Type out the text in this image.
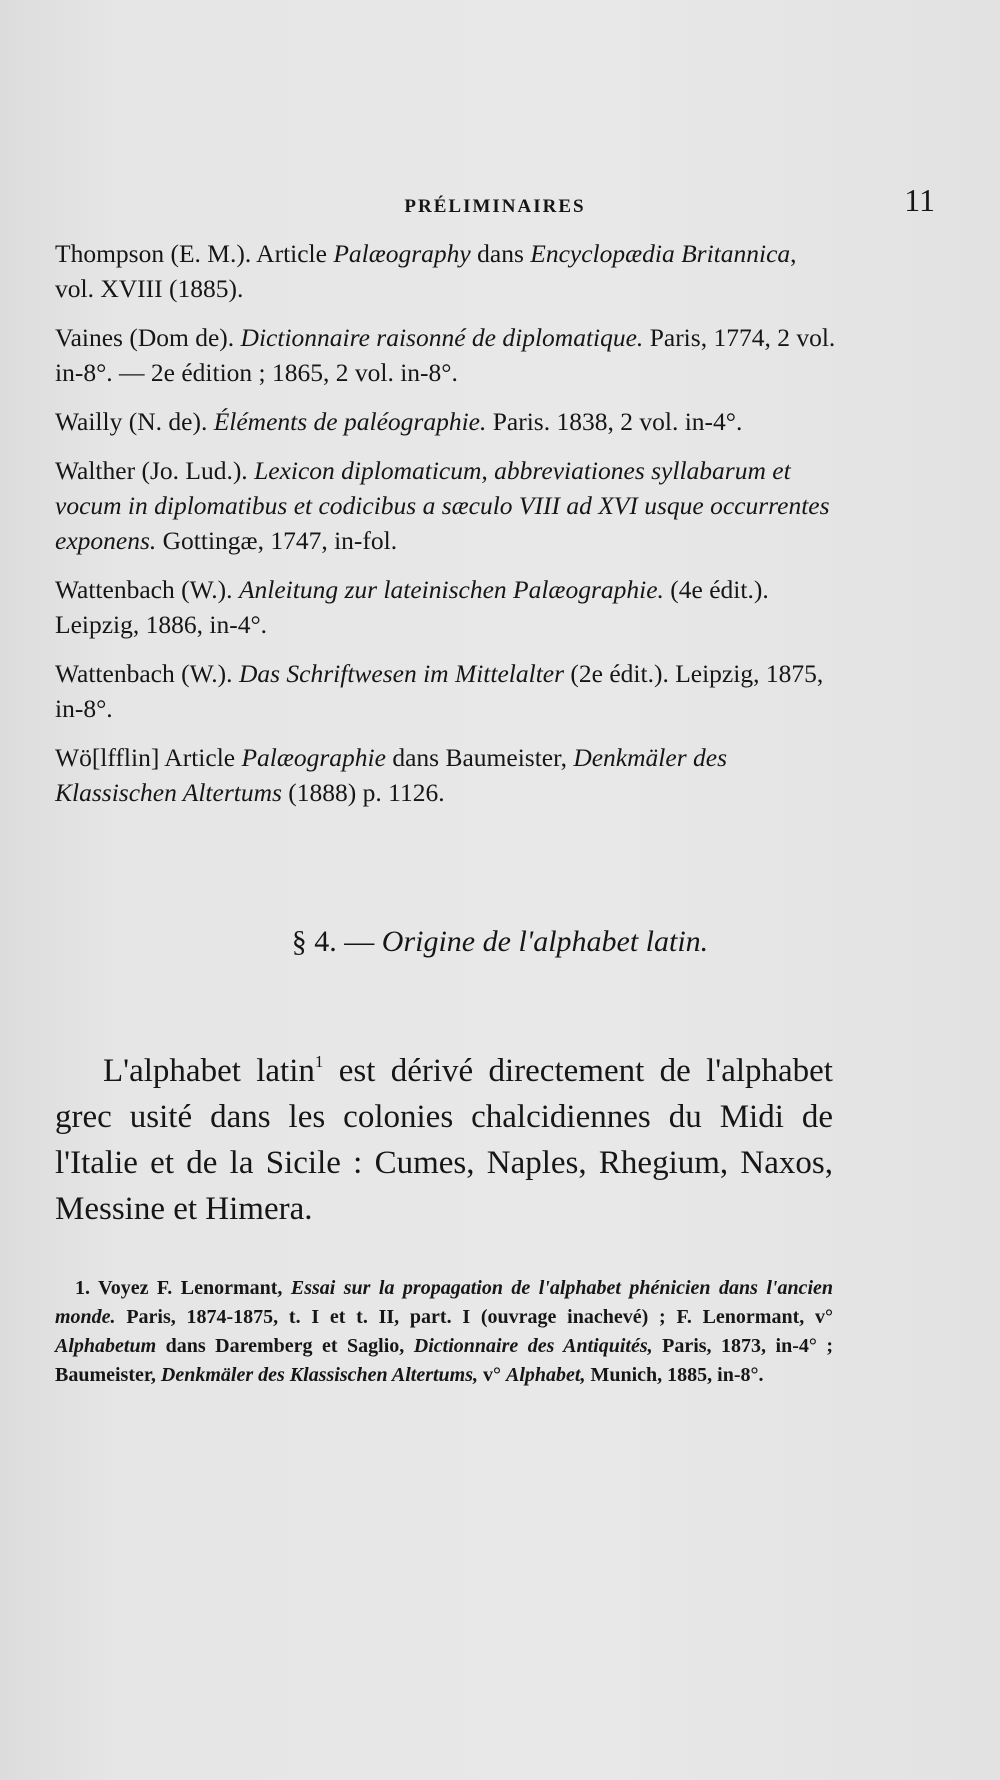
PRÉLIMINAIRES	11
Thompson (E. M.). Article Palæography dans Encyclopædia Britannica, vol. XVIII (1885).
Vaines (Dom de). Dictionnaire raisonné de diplomatique. Paris, 1774, 2 vol. in-8°. — 2e édition ; 1865, 2 vol. in-8°.
Wailly (N. de). Éléments de paléographie. Paris. 1838, 2 vol. in-4°.
Walther (Jo. Lud.). Lexicon diplomaticum, abbreviationes syllabarum et vocum in diplomatibus et codicibus a sæculo VIII ad XVI usque occurrentes exponens. Gottingæ, 1747, in-fol.
Wattenbach (W.). Anleitung zur lateinischen Palæographie. (4e édit.). Leipzig, 1886, in-4°.
Wattenbach (W.). Das Schriftwesen im Mittelalter (2e édit.). Leipzig, 1875, in-8°.
Wö[lfflin] Article Palæographie dans Baumeister, Denkmäler des Klassischen Altertums (1888) p. 1126.
§ 4. — Origine de l'alphabet latin.
L'alphabet latin$^1$ est dérivé directement de l'alphabet grec usité dans les colonies chalcidiennes du Midi de l'Italie et de la Sicile : Cumes, Naples, Rhegium, Naxos, Messine et Himera.
1. Voyez F. Lenormant, Essai sur la propagation de l'alphabet phénicien dans l'ancien monde. Paris, 1874-1875, t. I et t. II, part. I (ouvrage inachevé) ; F. Lenormant, v° Alphabetum dans Daremberg et Saglio, Dictionnaire des Antiquités, Paris, 1873, in-4° ; Baumeister, Denkmäler des Klassischen Altertums, v° Alphabet, Munich, 1885, in-8°.
